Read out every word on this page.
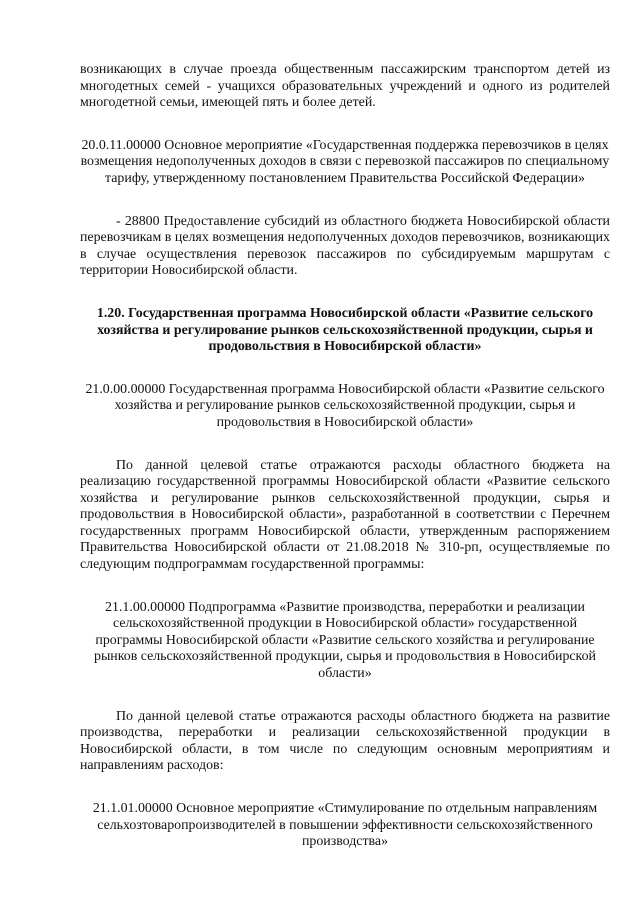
возникающих в случае проезда общественным пассажирским транспортом детей из многодетных семей - учащихся образовательных учреждений и одного из родителей многодетной семьи, имеющей пять и более детей.

20.0.11.00000 Основное мероприятие «Государственная поддержка перевозчиков в целях возмещения недополученных доходов в связи с перевозкой пассажиров по специальному тарифу, утвержденному постановлением Правительства Российской Федерации»

- 28800 Предоставление субсидий из областного бюджета Новосибирской области перевозчикам в целях возмещения недополученных доходов перевозчиков, возникающих в случае осуществления перевозок пассажиров по субсидируемым маршрутам с территории Новосибирской области.

1.20. Государственная программа Новосибирской области «Развитие сельского хозяйства и регулирование рынков сельскохозяйственной продукции, сырья и продовольствия в Новосибирской области»

21.0.00.00000 Государственная программа Новосибирской области «Развитие сельского хозяйства и регулирование рынков сельскохозяйственной продукции, сырья и продовольствия в Новосибирской области»

По данной целевой статье отражаются расходы областного бюджета на реализацию государственной программы Новосибирской области «Развитие сельского хозяйства и регулирование рынков сельскохозяйственной продукции, сырья и продовольствия в Новосибирской области», разработанной в соответствии с Перечнем государственных программ Новосибирской области, утвержденным распоряжением Правительства Новосибирской области от 21.08.2018 № 310-рп, осуществляемые по следующим подпрограммам государственной программы:

21.1.00.00000 Подпрограмма «Развитие производства, переработки и реализации сельскохозяйственной продукции в Новосибирской области» государственной программы Новосибирской области «Развитие сельского хозяйства и регулирование рынков сельскохозяйственной продукции, сырья и продовольствия в Новосибирской области»

По данной целевой статье отражаются расходы областного бюджета на развитие производства, переработки и реализации сельскохозяйственной продукции в Новосибирской области, в том числе по следующим основным мероприятиям и направлениям расходов:

21.1.01.00000 Основное мероприятие «Стимулирование по отдельным направлениям сельхозтоваропроизводителей в повышении эффективности сельскохозяйственного производства»
